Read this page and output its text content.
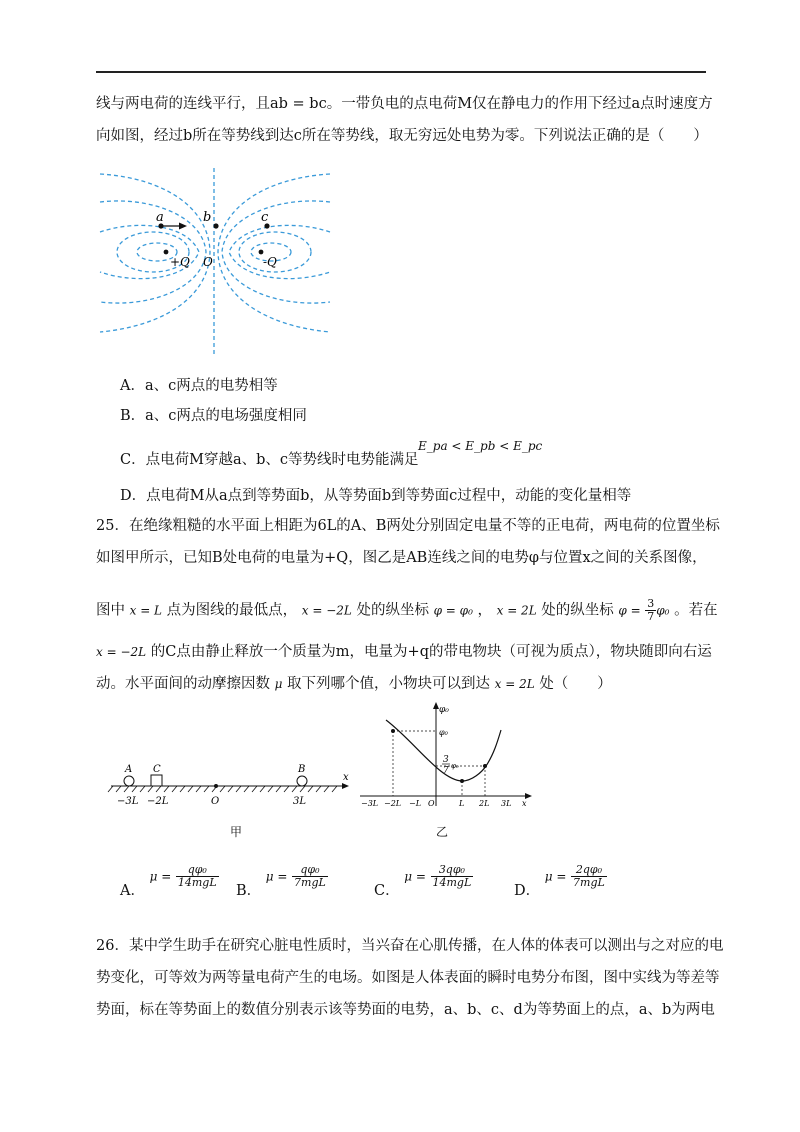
线与两电荷的连线平行，且ab = bc。一带负电的点电荷M仅在静电力的作用下经过a点时速度方
向如图，经过b所在等势线到达c所在等势线，取无穷远处电势为零。下列说法正确的是（　　）
a	b	c
+Q O	-Q
A．a、c两点的电势相等
B．a、c两点的电场强度相同
C．点电荷M穿越a、b、c等势线时电势能满足
E_pa < E_pb < E_pc
D．点电荷M从a点到等势面b，从等势面b到等势面c过程中，动能的变化量相等
25．在绝缘粗糙的水平面上相距为6L的A、B两处分别固定电量不等的正电荷，两电荷的位置坐标
如图甲所示，已知B处电荷的电量为+Q，图乙是AB连线之间的电势φ与位置x之间的关系图像，
图中 x = L 点为图线的最低点， x = −2L 处的纵坐标 φ = φ₀ ， x = 2L 处的纵坐标 $\varphi = \frac{3}{7} \varphi_0$ 。若在
x = −2L 的C点由静止释放一个质量为m，电量为+q的带电物块（可视为质点），物块随即向右运
动。水平面间的动摩擦因数 μ 取下列哪个值，小物块可以到达 x = 2L 处（　　）
A C	B
x
−3L −2L	O	3L
甲
φ₀
φ₀
3
7 φ₀
−3L −2L −L O	L 2L 3L x
乙
A． $\mu = \frac{\text{qφ₀}}{\text{14mgL}}$
B． $\mu = \frac{\text{qφ₀}}{\text{7mgL}}$
C． $\mu = \frac{\text{3qφ₀}}{\text{14mgL}}$
D． $\mu = \frac{\text{2qφ₀}}{\text{7mgL}}$
26．某中学生助手在研究心脏电性质时，当兴奋在心肌传播，在人体的体表可以测出与之对应的电
势变化，可等效为两等量电荷产生的电场。如图是人体表面的瞬时电势分布图，图中实线为等差等
势面，标在等势面上的数值分别表示该等势面的电势，a、b、c、d为等势面上的点，a、b为两电
